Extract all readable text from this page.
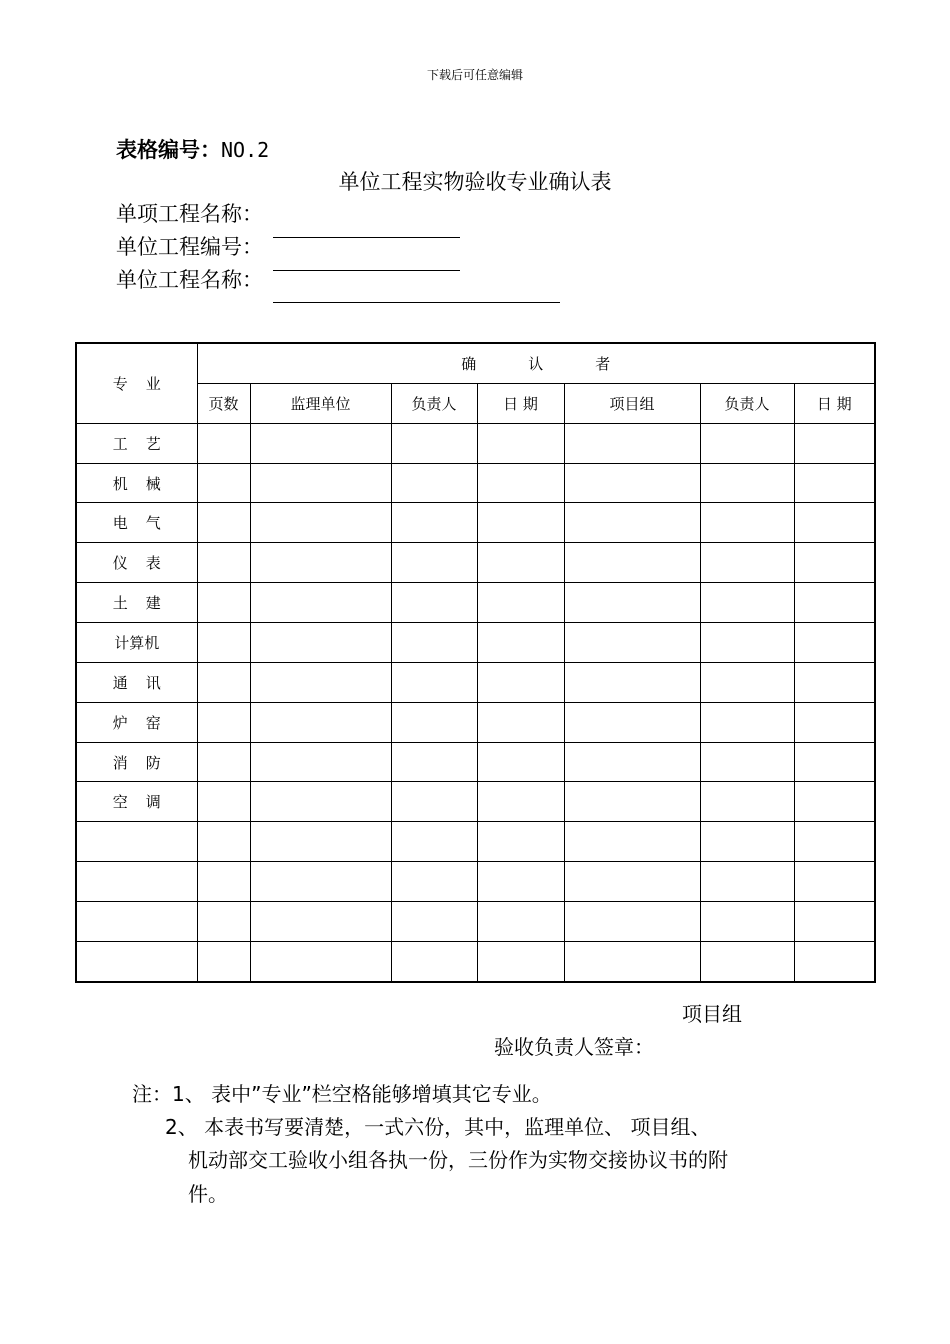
下载后可任意编辑
表格编号：NO.2
单位工程实物验收专业确认表
单项工程名称：
单位工程编号：
单位工程名称：
专业	确认者						
	页数	监理单位	负责人	日 期	项目组	负责人	日 期
工艺							
机械							
电气							
仪表							
土建							
计算机							
通讯							
炉窑							
消防							
空调							

项目组
验收负责人签章：
注：1、 表中”专业”栏空格能够增填其它专业。
2、 本表书写要清楚，一式六份，其中，监理单位、 项目组、
机动部交工验收小组各执一份，三份作为实物交接协议书的附
件。
